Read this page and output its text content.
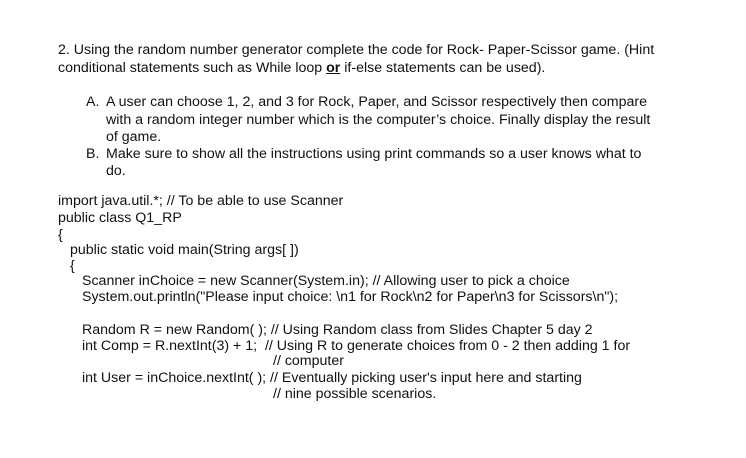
2. Using the random number generator complete the code for Rock- Paper-Scissor game. (Hint
conditional statements such as While loop or if-else statements can be used).
A. A user can choose 1, 2, and 3 for Rock, Paper, and Scissor respectively then compare
with a random integer number which is the computer’s choice. Finally display the result
of game.
B. Make sure to show all the instructions using print commands so a user knows what to
do.
import java.util.*; // To be able to use Scanner
public class Q1_RP
{
public static void main(String args[ ])
{
Scanner inChoice = new Scanner(System.in); // Allowing user to pick a choice
System.out.println("Please input choice: \n1 for Rock\n2 for Paper\n3 for Scissors\n");
Random R = new Random( ); // Using Random class from Slides Chapter 5 day 2
int Comp = R.nextInt(3) + 1;  // Using R to generate choices from 0 - 2 then adding 1 for
// computer
int User = inChoice.nextInt( ); // Eventually picking user's input here and starting
// nine possible scenarios.
